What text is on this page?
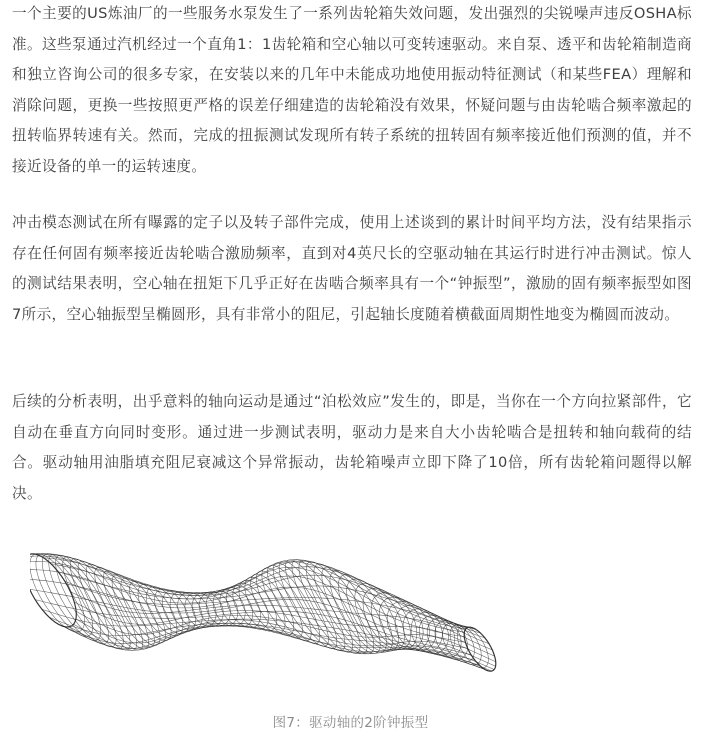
一个主要的US炼油厂的一些服务水泵发生了一系列齿轮箱失效问题，发出强烈的尖锐噪声违反OSHA标准。这些泵通过汽机经过一个直角1：1齿轮箱和空心轴以可变转速驱动。来自泵、透平和齿轮箱制造商和独立咨询公司的很多专家，在安装以来的几年中未能成功地使用振动特征测试（和某些FEA）理解和消除问题，更换一些按照更严格的误差仔细建造的齿轮箱没有效果，怀疑问题与由齿轮啮合频率激起的扭转临界转速有关。然而，完成的扭振测试发现所有转子系统的扭转固有频率接近他们预测的值，并不接近设备的单一的运转速度。

冲击模态测试在所有曝露的定子以及转子部件完成，使用上述谈到的累计时间平均方法，没有结果指示存在任何固有频率接近齿轮啮合激励频率，直到对4英尺长的空驱动轴在其运行时进行冲击测试。惊人的测试结果表明，空心轴在扭矩下几乎正好在齿啮合频率具有一个“钟振型”，激励的固有频率振型如图7所示，空心轴振型呈椭圆形，具有非常小的阻尼，引起轴长度随着横截面周期性地变为椭圆而波动。

后续的分析表明，出乎意料的轴向运动是通过“泊松效应”发生的，即是，当你在一个方向拉紧部件，它自动在垂直方向同时变形。通过进一步测试表明，驱动力是来自大小齿轮啮合是扭转和轴向载荷的结合。驱动轴用油脂填充阻尼衰减这个异常振动，齿轮箱噪声立即下降了10倍，所有齿轮箱问题得以解决。

图7：驱动轴的2阶钟振型
